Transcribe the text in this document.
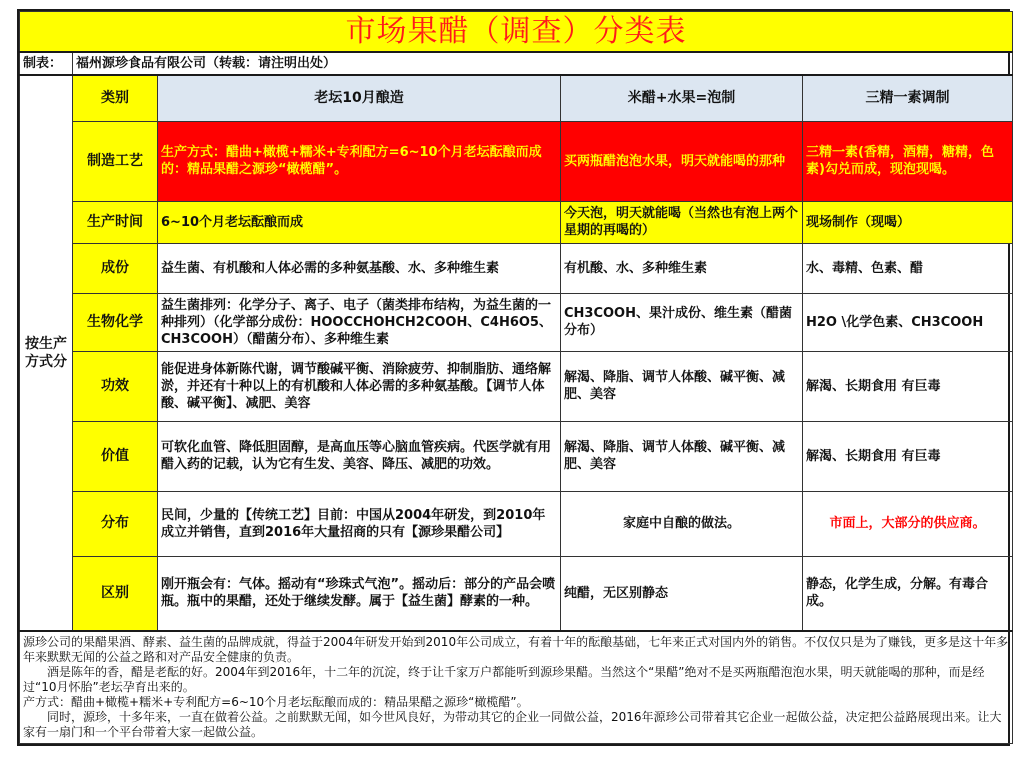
市场果醋（调查）分类表				
制表：	福州源珍食品有限公司（转载：请注明出处）			
按生产方式分	类别	老坛10月酿造	米醋+水果=泡制	三精一素调制
	制造工艺	生产方式：醋曲+橄榄+糯米+专利配方=6~10个月老坛酝酿而成的：精品果醋之源珍“橄榄醋”。	买两瓶醋泡泡水果，明天就能喝的那种	三精一素(香精，酒精，糖精，色素)勾兑而成，现泡现喝。
	生产时间	6~10个月老坛酝酿而成	今天泡，明天就能喝（当然也有泡上两个星期的再喝的）	现场制作（现喝）
	成份	益生菌、有机酸和人体必需的多种氨基酸、水、多种维生素	有机酸、水、多种维生素	水、毒精、色素、醋
	生物化学	益生菌排列：化学分子、离子、电子（菌类排布结构，为益生菌的一种排列）（化学部分成份：HOOCCHOHCH2COOH、C4H6O5、CH3COOH）（醋菌分布）、多种维生素	CH3COOH、果汁成份、维生素（醋菌分布）	H2O \化学色素、CH3COOH
	功效	能促进身体新陈代谢，调节酸碱平衡、消除疲劳、抑制脂肪、通络解淤，并还有十种以上的有机酸和人体必需的多种氨基酸。【调节人体酸、碱平衡】、减肥、美容	解渴、降脂、调节人体酸、碱平衡、减肥、美容	解渴、长期食用 有巨毒
	价值	可软化血管、降低胆固醇，是高血压等心脑血管疾病。代医学就有用醋入药的记载，认为它有生发、美容、降压、减肥的功效。	解渴、降脂、调节人体酸、碱平衡、减肥、美容	解渴、长期食用 有巨毒
	分布	民间，少量的【传统工艺】目前：中国从2004年研发，到2010年成立并销售，直到2016年大量招商的只有【源珍果醋公司】	家庭中自酿的做法。	市面上，大部分的供应商。
	区别	刚开瓶会有：气体。摇动有“珍珠式气泡”。摇动后：部分的产品会喷瓶。瓶中的果醋，还处于继续发酵。属于【益生菌】酵素的一种。	纯醋，无区别静态	静态，化学生成，分解。有毒合成。

源珍公司的果醋果酒、酵素、益生菌的品牌成就，得益于2004年研发开始到2010年公司成立，有着十年的酝酿基础，七年来正式对国内外的销售。不仅仅只是为了赚钱，更多是这十年多年来默默无闻的公益之路和对产品安全健康的负责。

酒是陈年的香，醋是老酝的好。2004年到2016年，十二年的沉淀，终于让千家万户都能听到源珍果醋。当然这个“果醋”绝对不是买两瓶醋泡泡水果，明天就能喝的那种，而是经过“10月怀胎”老坛孕育出来的。

产方式：醋曲+橄榄+糯米+专利配方=6~10个月老坛酝酿而成的：精品果醋之源珍“橄榄醋”。

同时，源珍，十多年来，一直在做着公益。之前默默无闻，如今世风良好，为带动其它的企业一同做公益，2016年源珍公司带着其它企业一起做公益，决定把公益路展现出来。让大家有一扇门和一个平台带着大家一起做公益。				
